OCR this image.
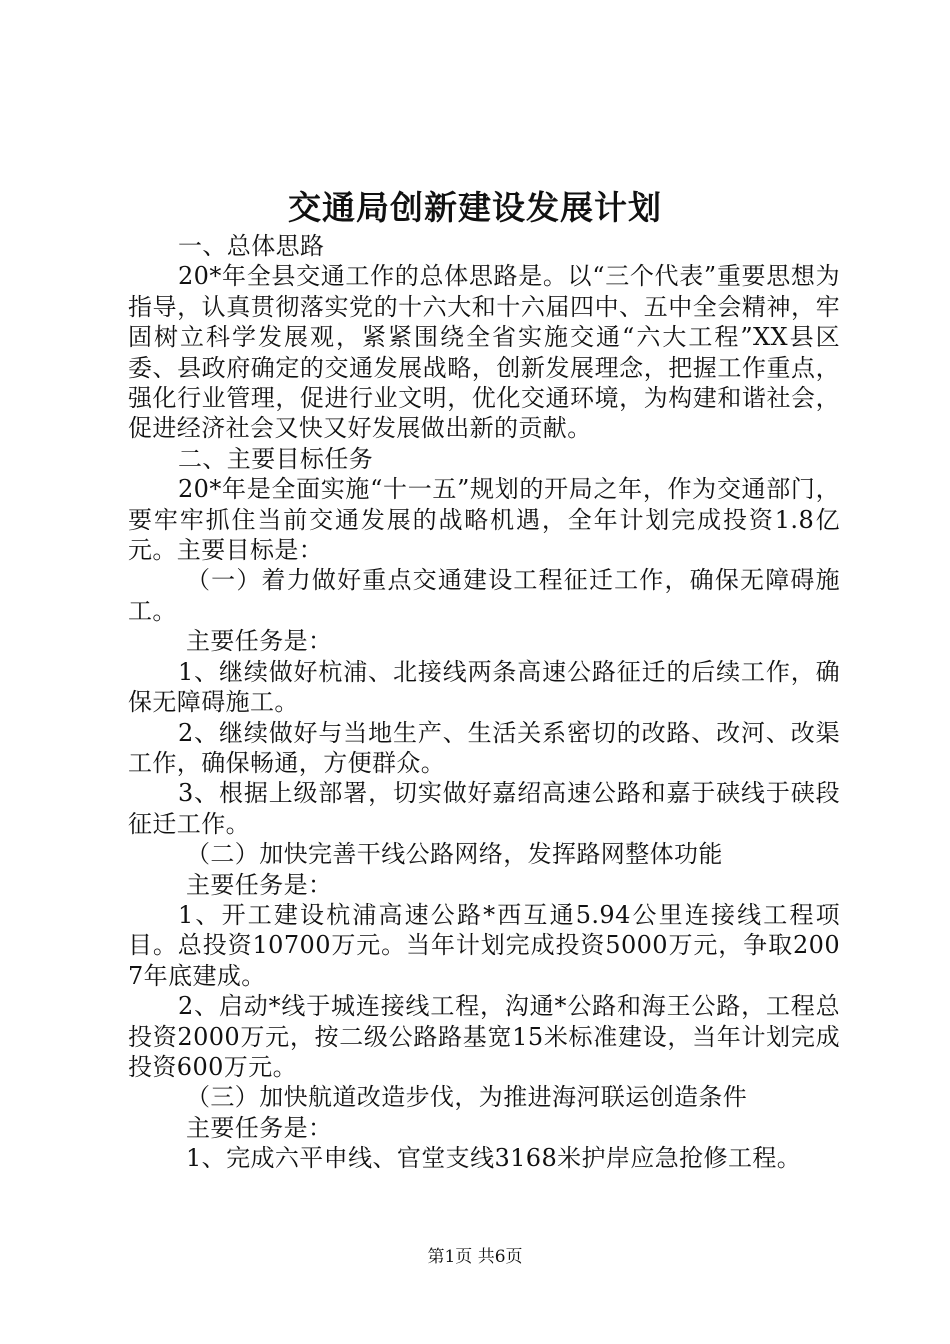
交通局创新建设发展计划

一、总体思路

20*年全县交通工作的总体思路是。以“三个代表”重要思想为指导，认真贯彻落实党的十六大和十六届四中、五中全会精神，牢固树立科学发展观，紧紧围绕全省实施交通“六大工程”XX县区委、县政府确定的交通发展战略，创新发展理念，把握工作重点，强化行业管理，促进行业文明，优化交通环境，为构建和谐社会，促进经济社会又快又好发展做出新的贡献。

二、主要目标任务

20*年是全面实施“十一五”规划的开局之年，作为交通部门，要牢牢抓住当前交通发展的战略机遇，全年计划完成投资1.8亿元。主要目标是：

（一）着力做好重点交通建设工程征迁工作，确保无障碍施工。

主要任务是：

1、继续做好杭浦、北接线两条高速公路征迁的后续工作，确保无障碍施工。

2、继续做好与当地生产、生活关系密切的改路、改河、改渠工作，确保畅通，方便群众。

3、根据上级部署，切实做好嘉绍高速公路和嘉于硖线于硖段征迁工作。

（二）加快完善干线公路网络，发挥路网整体功能

主要任务是：

1、开工建设杭浦高速公路*西互通5.94公里连接线工程项目。总投资10700万元。当年计划完成投资5000万元，争取2007年底建成。

2、启动*线于城连接线工程，沟通*公路和海王公路，工程总投资2000万元，按二级公路路基宽15米标准建设，当年计划完成投资600万元。

（三）加快航道改造步伐，为推进海河联运创造条件

主要任务是：

1、完成六平申线、官堂支线3168米护岸应急抢修工程。

第1页 共6页
